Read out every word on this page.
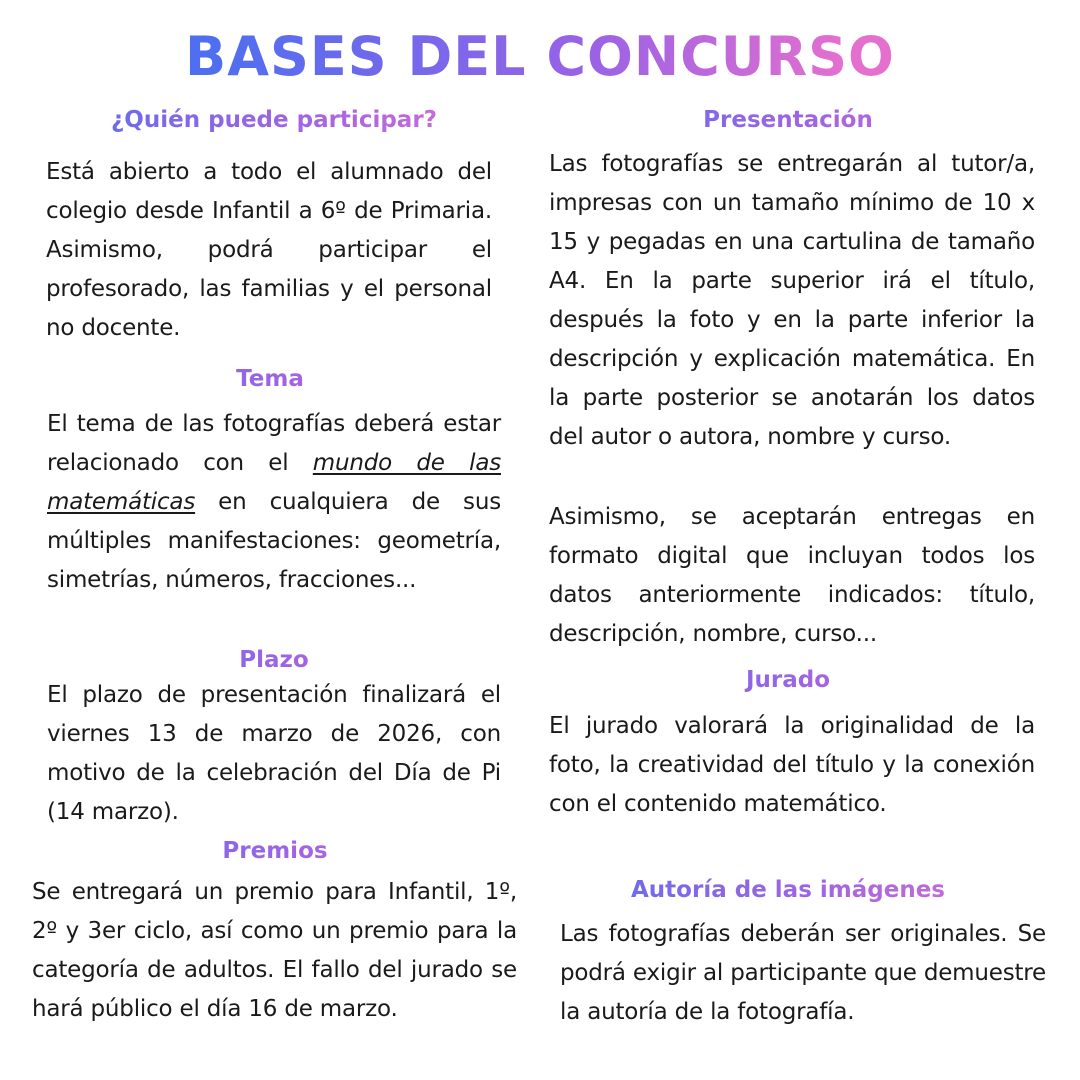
BASES DEL CONCURSO
¿Quién puede participar?

Está abierto a todo el alumnado del colegio desde Infantil a 6º de Primaria. Asimismo, podrá participar el profesorado, las familias y el personal no docente.

Tema

El tema de las fotografías deberá estar relacionado con el mundo de las matemáticas en cualquiera de sus múltiples manifestaciones: geometría, simetrías, números, fracciones...

Plazo

El plazo de presentación finalizará el viernes 13 de marzo de 2026, con motivo de la celebración del Día de Pi (14 marzo).

Premios

Se entregará un premio para Infantil, 1º, 2º y 3er ciclo, así como un premio para la categoría de adultos. El fallo del jurado se hará público el día 16 de marzo.

Presentación

Las fotografías se entregarán al tutor/a, impresas con un tamaño mínimo de 10 x 15 y pegadas en una cartulina de tamaño A4. En la parte superior irá el título, después la foto y en la parte inferior la descripción y explicación matemática. En la parte posterior se anotarán los datos del autor o autora, nombre y curso.

Asimismo, se aceptarán entregas en formato digital que incluyan todos los datos anteriormente indicados: título, descripción, nombre, curso...

Jurado

El jurado valorará la originalidad de la foto, la creatividad del título y la conexión con el contenido matemático.

Autoría de las imágenes

Las fotografías deberán ser originales. Se podrá exigir al participante que demuestre la autoría de la fotografía.
